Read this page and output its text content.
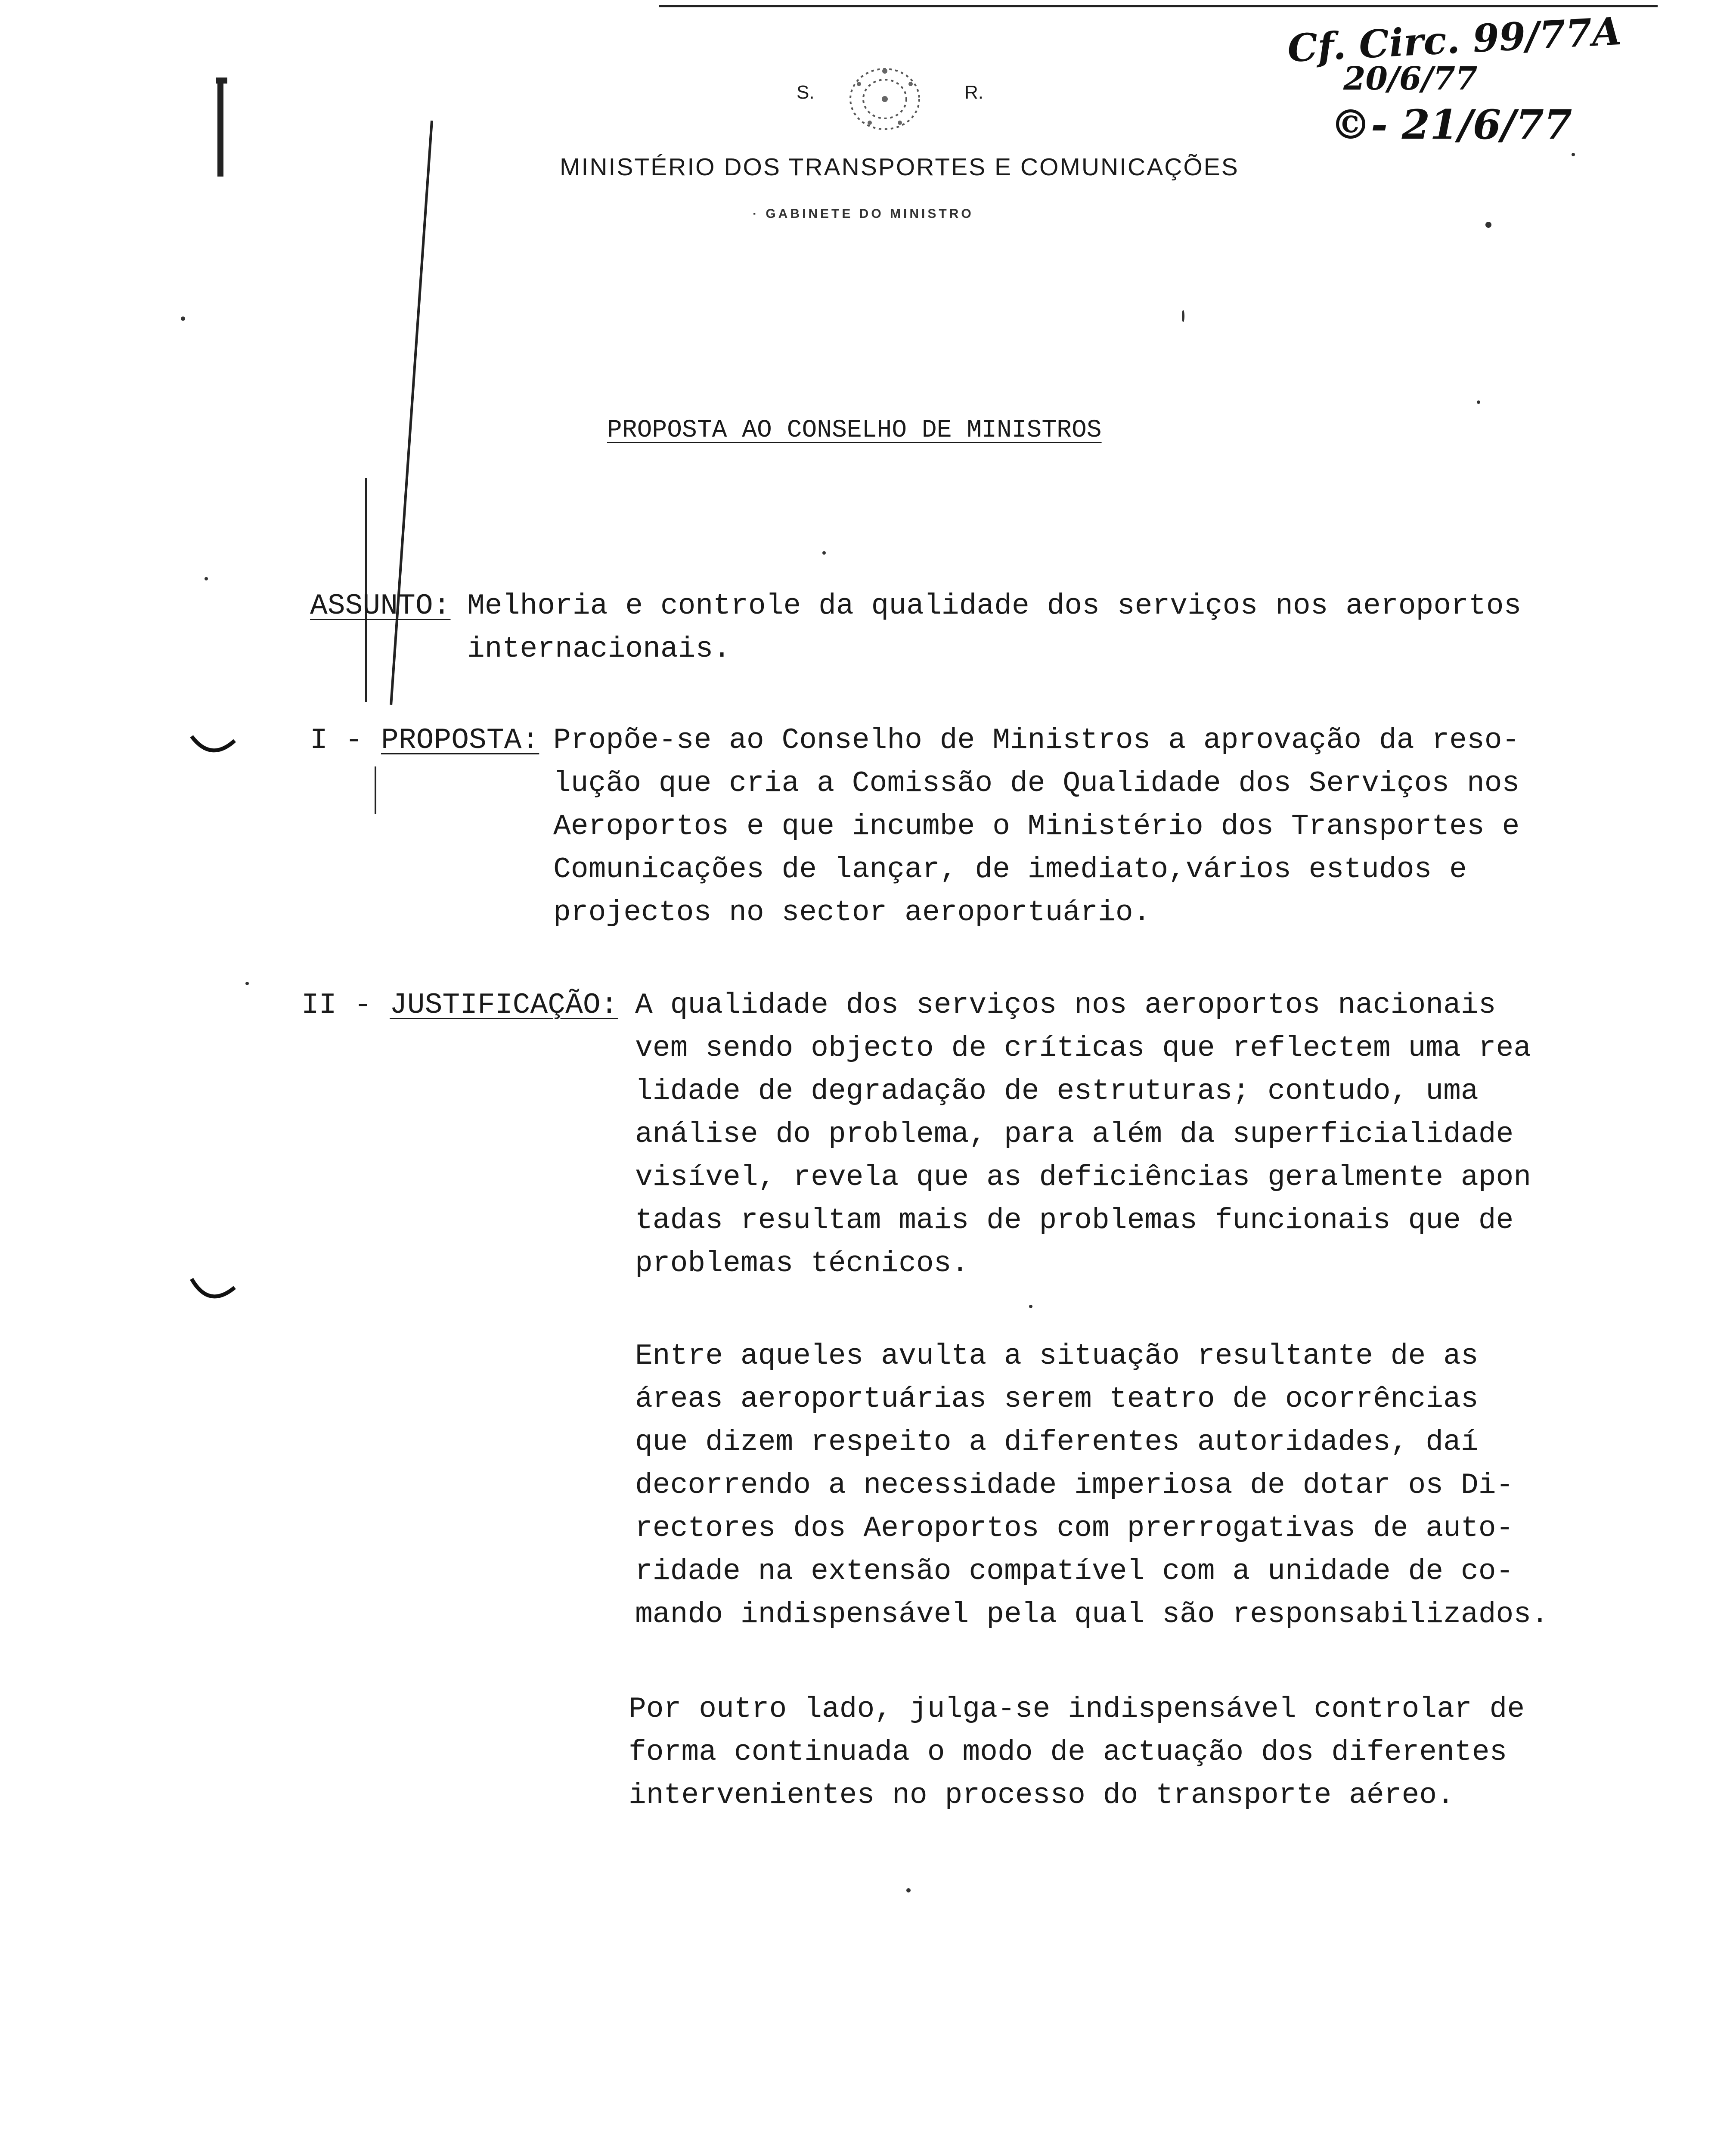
S.	R.
MINISTÉRIO DOS TRANSPORTES E COMUNICAÇÕES
· GABINETE DO MINISTRO
Cf. Circ. 99/77A
20/6/77
©- 21/6/77
PROPOSTA AO CONSELHO DE MINISTROS
ASSUNTO: Melhoria e controle da qualidade dos serviços nos aeroportos
internacionais.
I - PROPOSTA: Propõe-se ao Conselho de Ministros a aprovação da reso-
lução que cria a Comissão de Qualidade dos Serviços nos
Aeroportos e que incumbe o Ministério dos Transportes e
Comunicações de lançar, de imediato,vários estudos e
projectos no sector aeroportuário.
II - JUSTIFICAÇÃO: A qualidade dos serviços nos aeroportos nacionais
vem sendo objecto de críticas que reflectem uma rea
lidade de degradação de estruturas; contudo, uma
análise do problema, para além da superficialidade
visível, revela que as deficiências geralmente apon
tadas resultam mais de problemas funcionais que de
problemas técnicos.
Entre aqueles avulta a situação resultante de as
áreas aeroportuárias serem teatro de ocorrências
que dizem respeito a diferentes autoridades, daí
decorrendo a necessidade imperiosa de dotar os Di-
rectores dos Aeroportos com prerrogativas de auto-
ridade na extensão compatível com a unidade de co-
mando indispensável pela qual são responsabilizados.
Por outro lado, julga-se indispensável controlar de
forma continuada o modo de actuação dos diferentes
intervenientes no processo do transporte aéreo.
